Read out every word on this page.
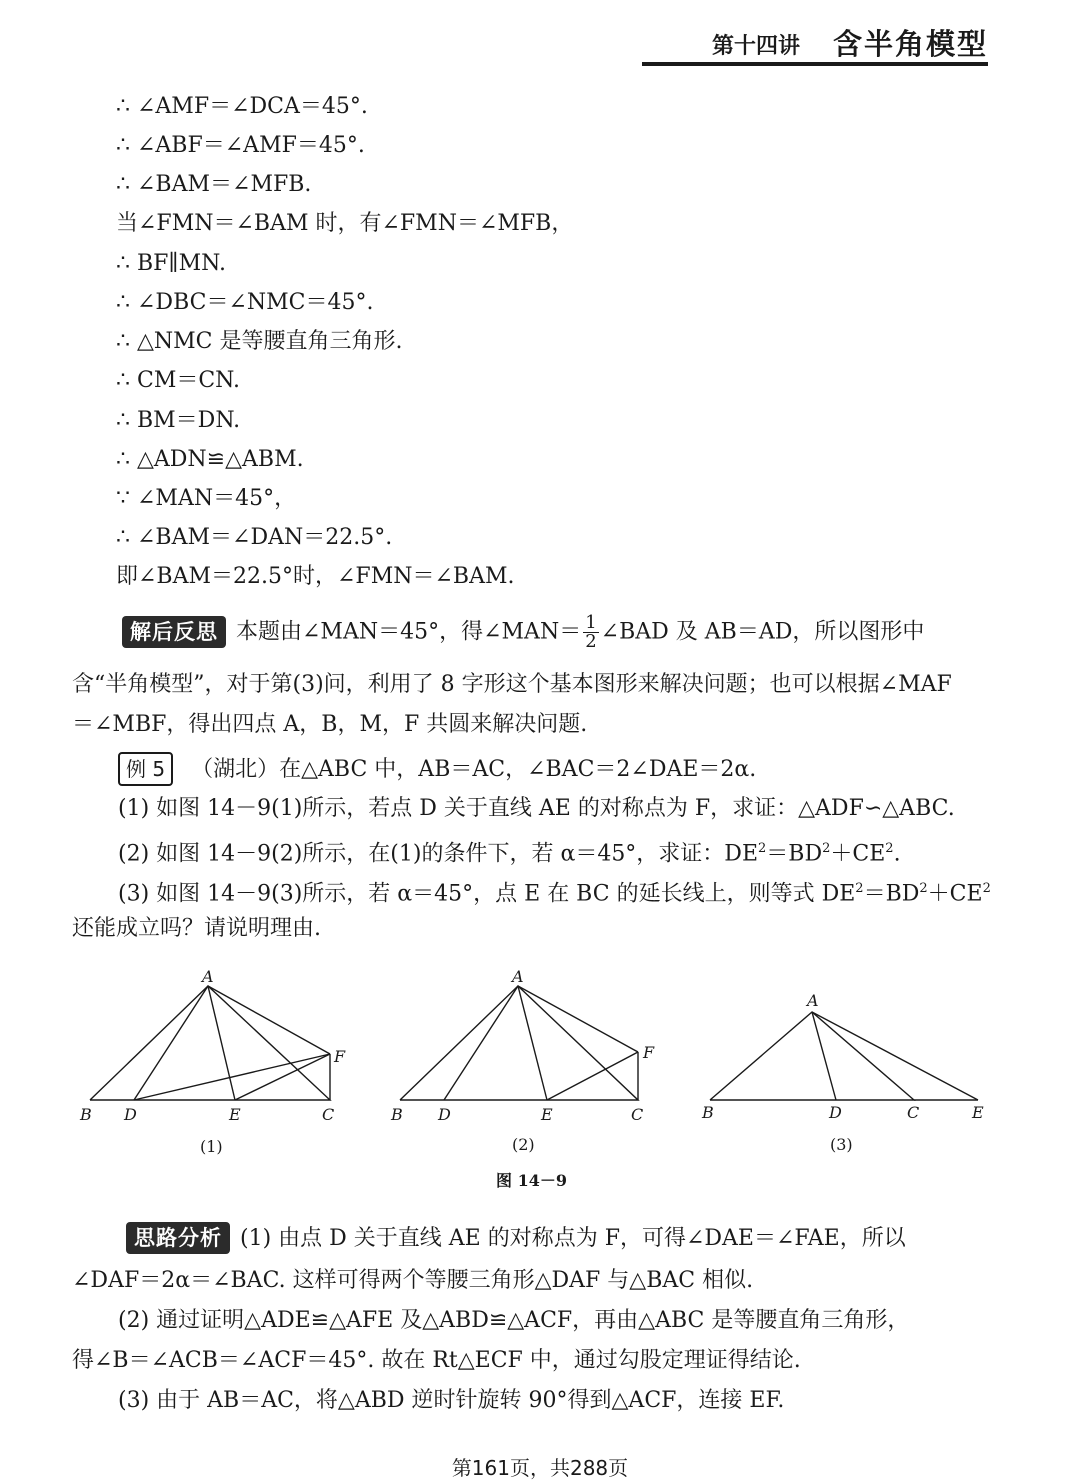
第十四讲 含半角模型
∴ ∠AMF＝∠DCA＝45°.
∴ ∠ABF＝∠AMF＝45°.
∴ ∠BAM＝∠MFB.
当∠FMN＝∠BAM 时，有∠FMN＝∠MFB，
∴ BF∥MN.
∴ ∠DBC＝∠NMC＝45°.
∴ △NMC 是等腰直角三角形.
∴ CM＝CN.
∴ BM＝DN.
∴ △ADN≌△ABM.
∵ ∠MAN＝45°，
∴ ∠BAM＝∠DAN＝22.5°.
即∠BAM＝22.5°时，∠FMN＝∠BAM.
解后反思 本题由∠MAN＝45°，得∠MAN＝ $\frac{1}{2}$ ∠BAD 及 AB＝AD，所以图形中
含“半角模型”，对于第(3)问，利用了 8 字形这个基本图形来解决问题；也可以根据∠MAF
＝∠MBF，得出四点 A，B，M，F 共圆来解决问题.
例 5 （湖北）在△ABC 中，AB＝AC，∠BAC＝2∠DAE＝2α.
(1) 如图 14－9(1)所示，若点 D 关于直线 AE 的对称点为 F，求证：△ADF∽△ABC.
(2) 如图 14－9(2)所示，在(1)的条件下，若 α＝45°，求证：$DE^2=BD^2+CE^2$.
(3) 如图 14－9(3)所示，若 α＝45°，点 E 在 BC 的延长线上，则等式 $DE^2=BD^2+CE^2$
还能成立吗？请说明理由.
A
B D	E	C
F
A
B D	E	C
F
A
B	D	C	E
(1)	(2)	(3)
图 14－9
思路分析 (1) 由点 D 关于直线 AE 的对称点为 F，可得∠DAE＝∠FAE，所以
∠DAF＝2α＝∠BAC. 这样可得两个等腰三角形△DAF 与△BAC 相似.
(2) 通过证明△ADE≌△AFE 及△ABD≌△ACF，再由△ABC 是等腰直角三角形，
得∠B＝∠ACB＝∠ACF＝45°. 故在 Rt△ECF 中，通过勾股定理证得结论.
(3) 由于 AB＝AC，将△ABD 逆时针旋转 90°得到△ACF，连接 EF.
第161页，共288页
